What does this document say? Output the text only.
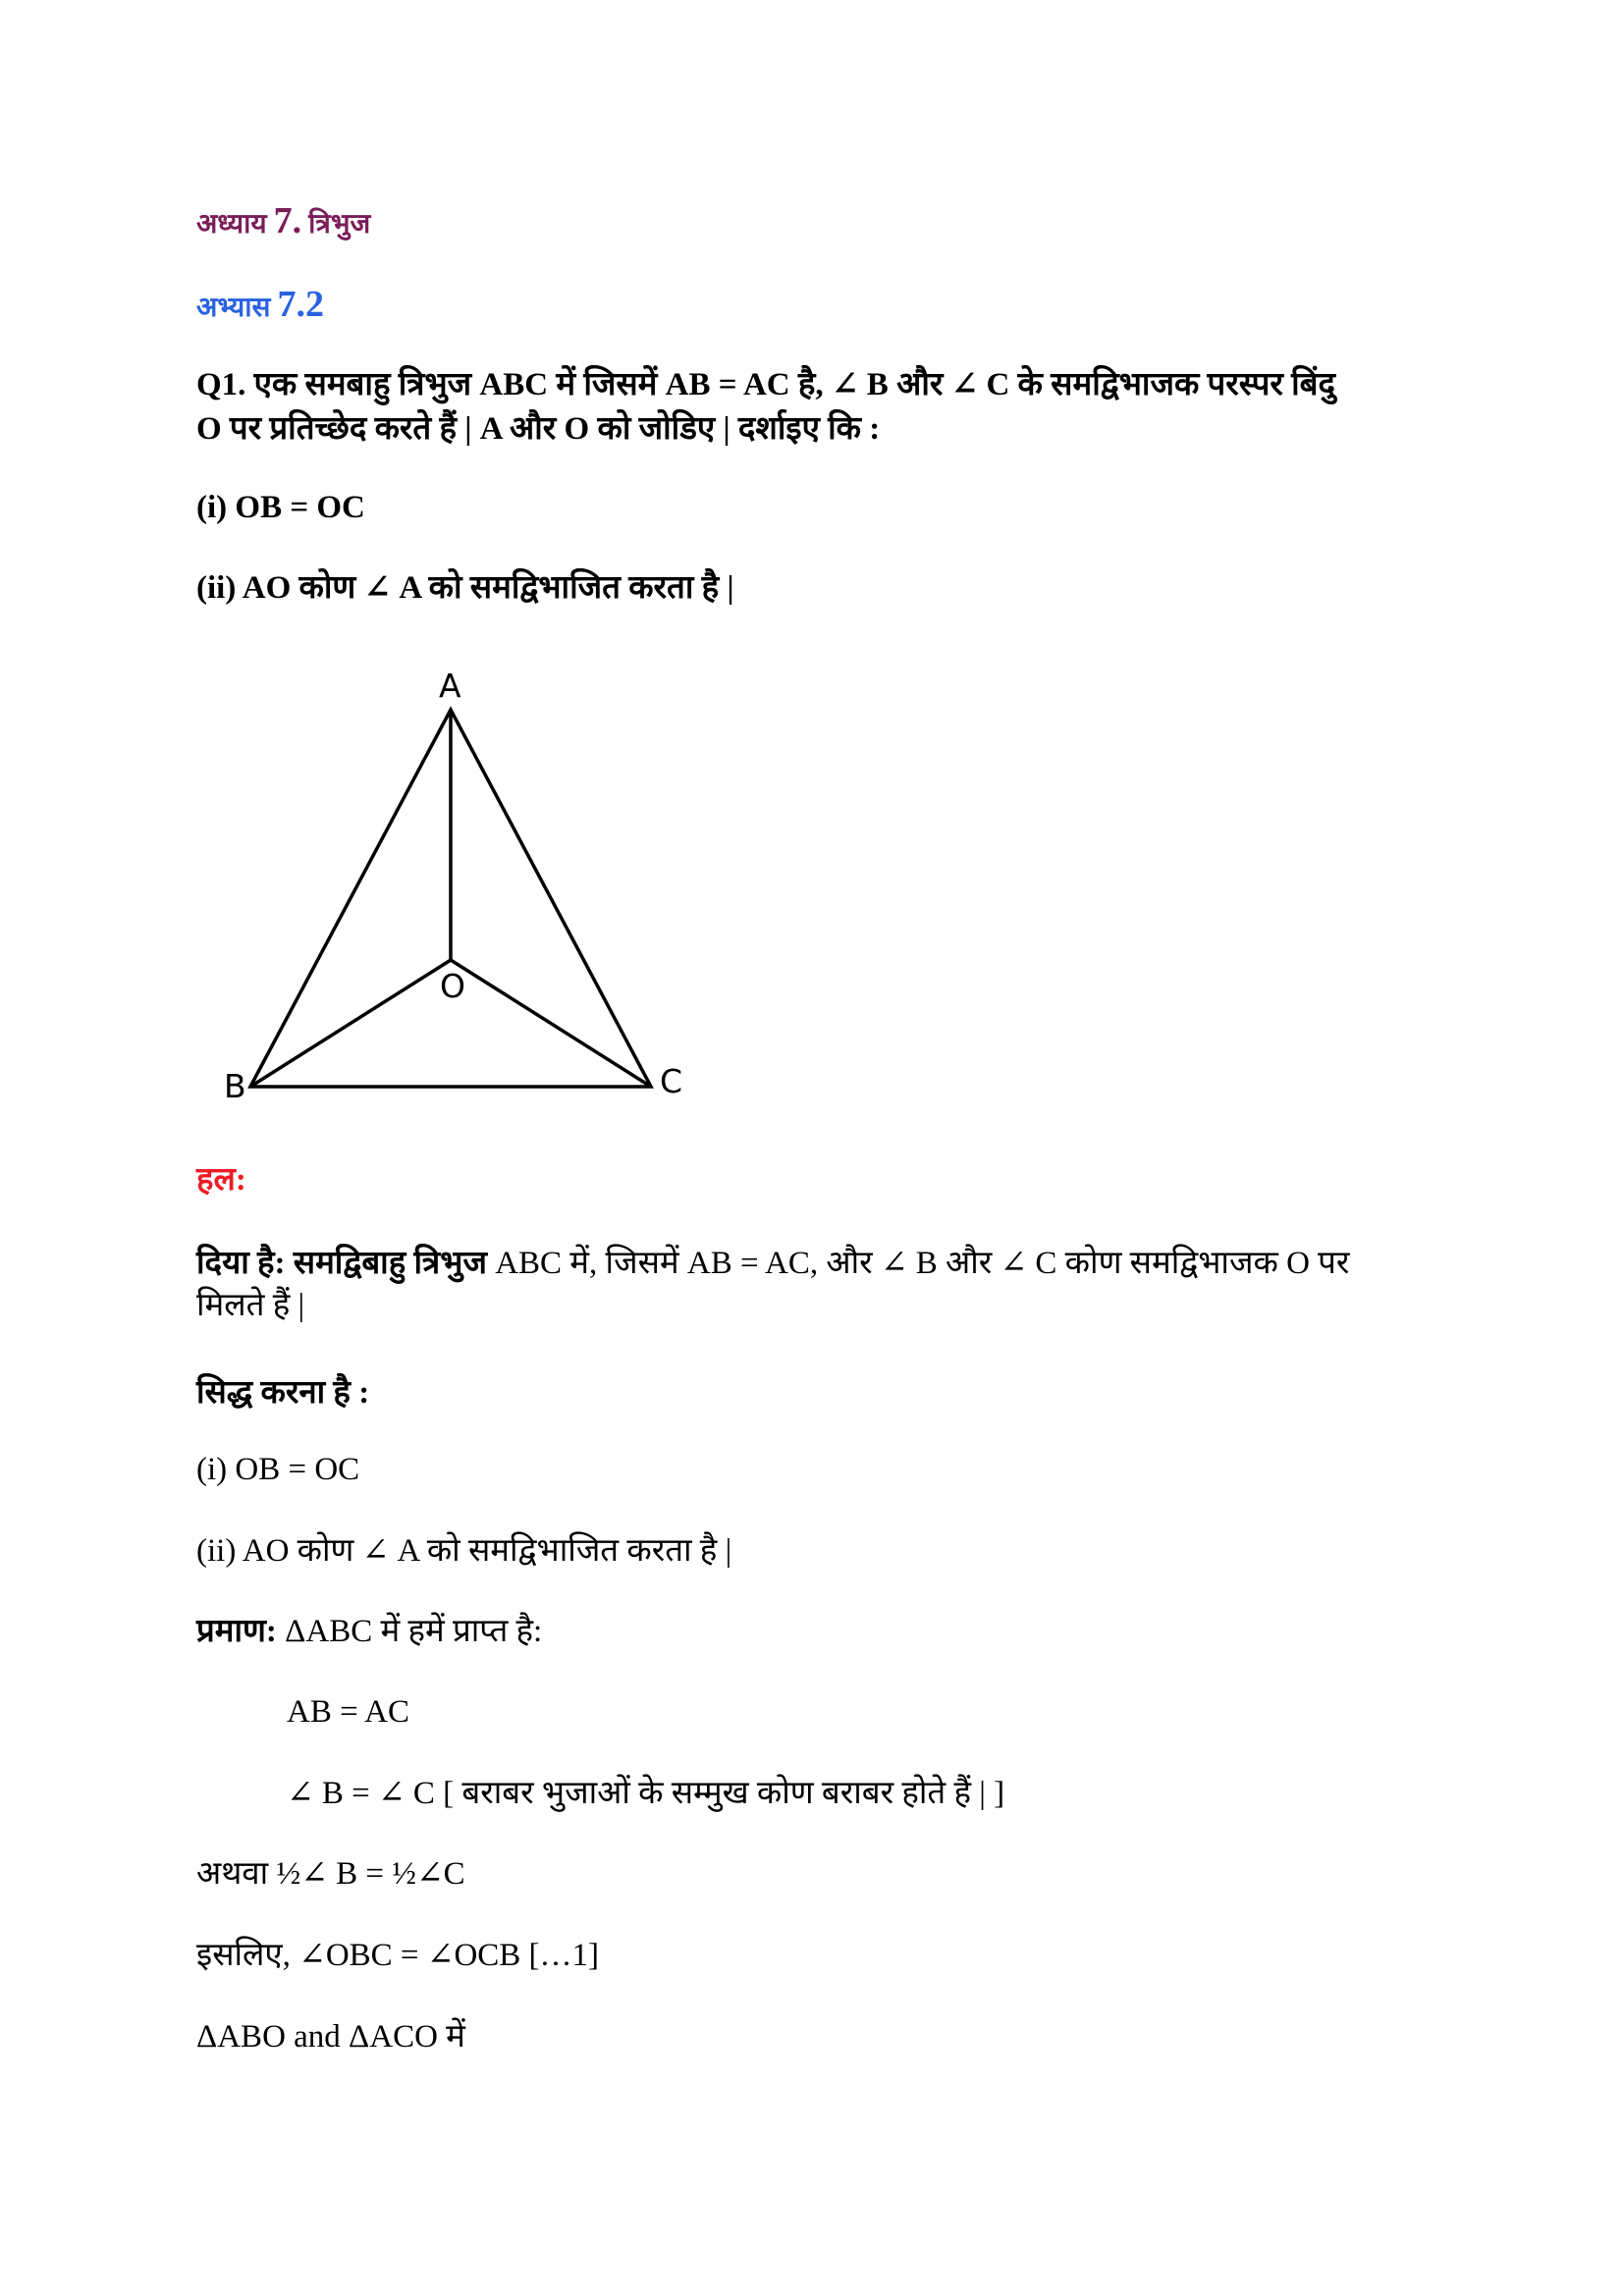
अध्याय 7. त्रिभुज
अभ्यास 7.2
Q1. एक समबाहु त्रिभुज ABC में जिसमें AB = AC है, ∠ B और ∠ C के समद्विभाजक परस्पर बिंदु
O पर प्रतिच्छेद करते हैं | A और O को जोडिए | दर्शाइए कि :
(i) OB = OC
(ii) AO कोण ∠ A को समद्विभाजित करता है |
A
O
B	C
हल:
दिया है: समद्विबाहु त्रिभुज ABC में, जिसमें AB = AC, और ∠ B और ∠ C कोण समद्विभाजक O पर
मिलते हैं |
सिद्ध करना है :
(i) OB = OC
(ii) AO कोण ∠ A को समद्विभाजित करता है |
प्रमाण: ΔABC में हमें प्राप्त है:
AB = AC
∠ B = ∠ C [ बराबर भुजाओं के सम्मुख कोण बराबर होते हैं | ]
अथवा ½∠ B = ½∠C
इसलिए, ∠OBC = ∠OCB […1]
ΔABO and ΔACO में
